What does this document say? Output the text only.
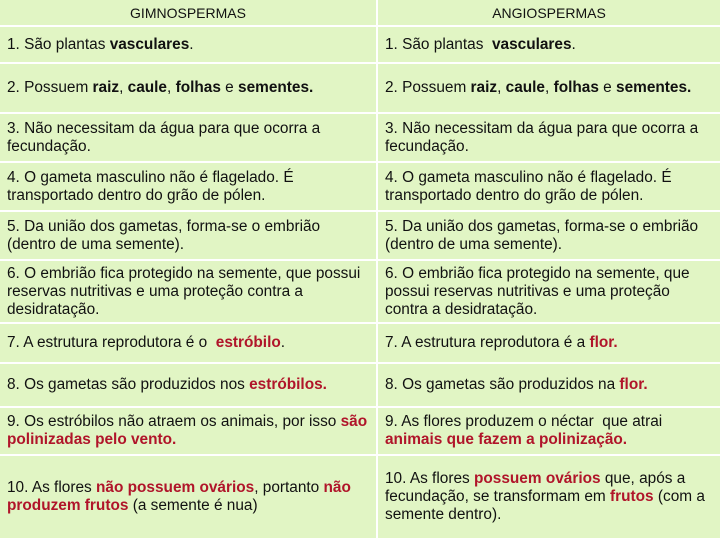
GIMNOSPERMAS	ANGIOSPERMAS
1. São plantas vasculares.	1. São plantas  vasculares.
2. Possuem raiz, caule, folhas e sementes.	2. Possuem raiz, caule, folhas e sementes.
3. Não necessitam da água para que ocorra a fecundação.	3. Não necessitam da água para que ocorra a fecundação.
4. O gameta masculino não é flagelado. É transportado dentro do grão de pólen.	4. O gameta masculino não é flagelado. É transportado dentro do grão de pólen.
5. Da união dos gametas, forma-se o embrião (dentro de uma semente).	5. Da união dos gametas, forma-se o embrião (dentro de uma semente).
6. O embrião fica protegido na semente, que possui reservas nutritivas e uma proteção contra a desidratação.	6. O embrião fica protegido na semente, que possui reservas nutritivas e uma proteção contra a desidratação.
7. A estrutura reprodutora é o  estróbilo.	7. A estrutura reprodutora é a flor.
8. Os gametas são produzidos nos estróbilos.	8. Os gametas são produzidos na flor.
9. Os estróbilos não atraem os animais, por isso são polinizadas pelo vento.	9. As flores produzem o néctar  que atrai animais que fazem a polinização.
10. As flores não possuem ovários, portanto não produzem frutos (a semente é nua)	10. As flores possuem ovários que, após a fecundação, se transformam em frutos (com a semente dentro).
